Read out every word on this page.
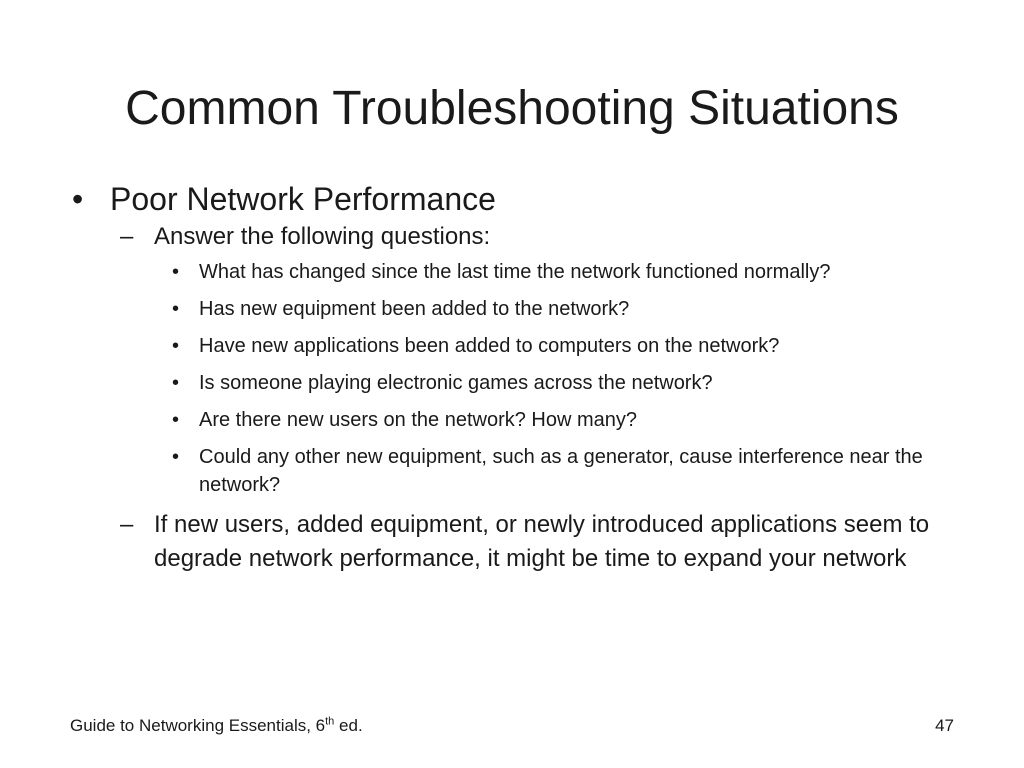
Common Troubleshooting Situations

• Poor Network Performance

– Answer the following questions:

• What has changed since the last time the network functioned normally?
• Has new equipment been added to the network?
• Have new applications been added to computers on the network?
• Is someone playing electronic games across the network?
• Are there new users on the network? How many?
• Could any other new equipment, such as a generator, cause interference near the network?

– If new users, added equipment, or newly introduced applications seem to degrade network performance, it might be time to expand your network

Guide to Networking Essentials, 6th ed.	47
